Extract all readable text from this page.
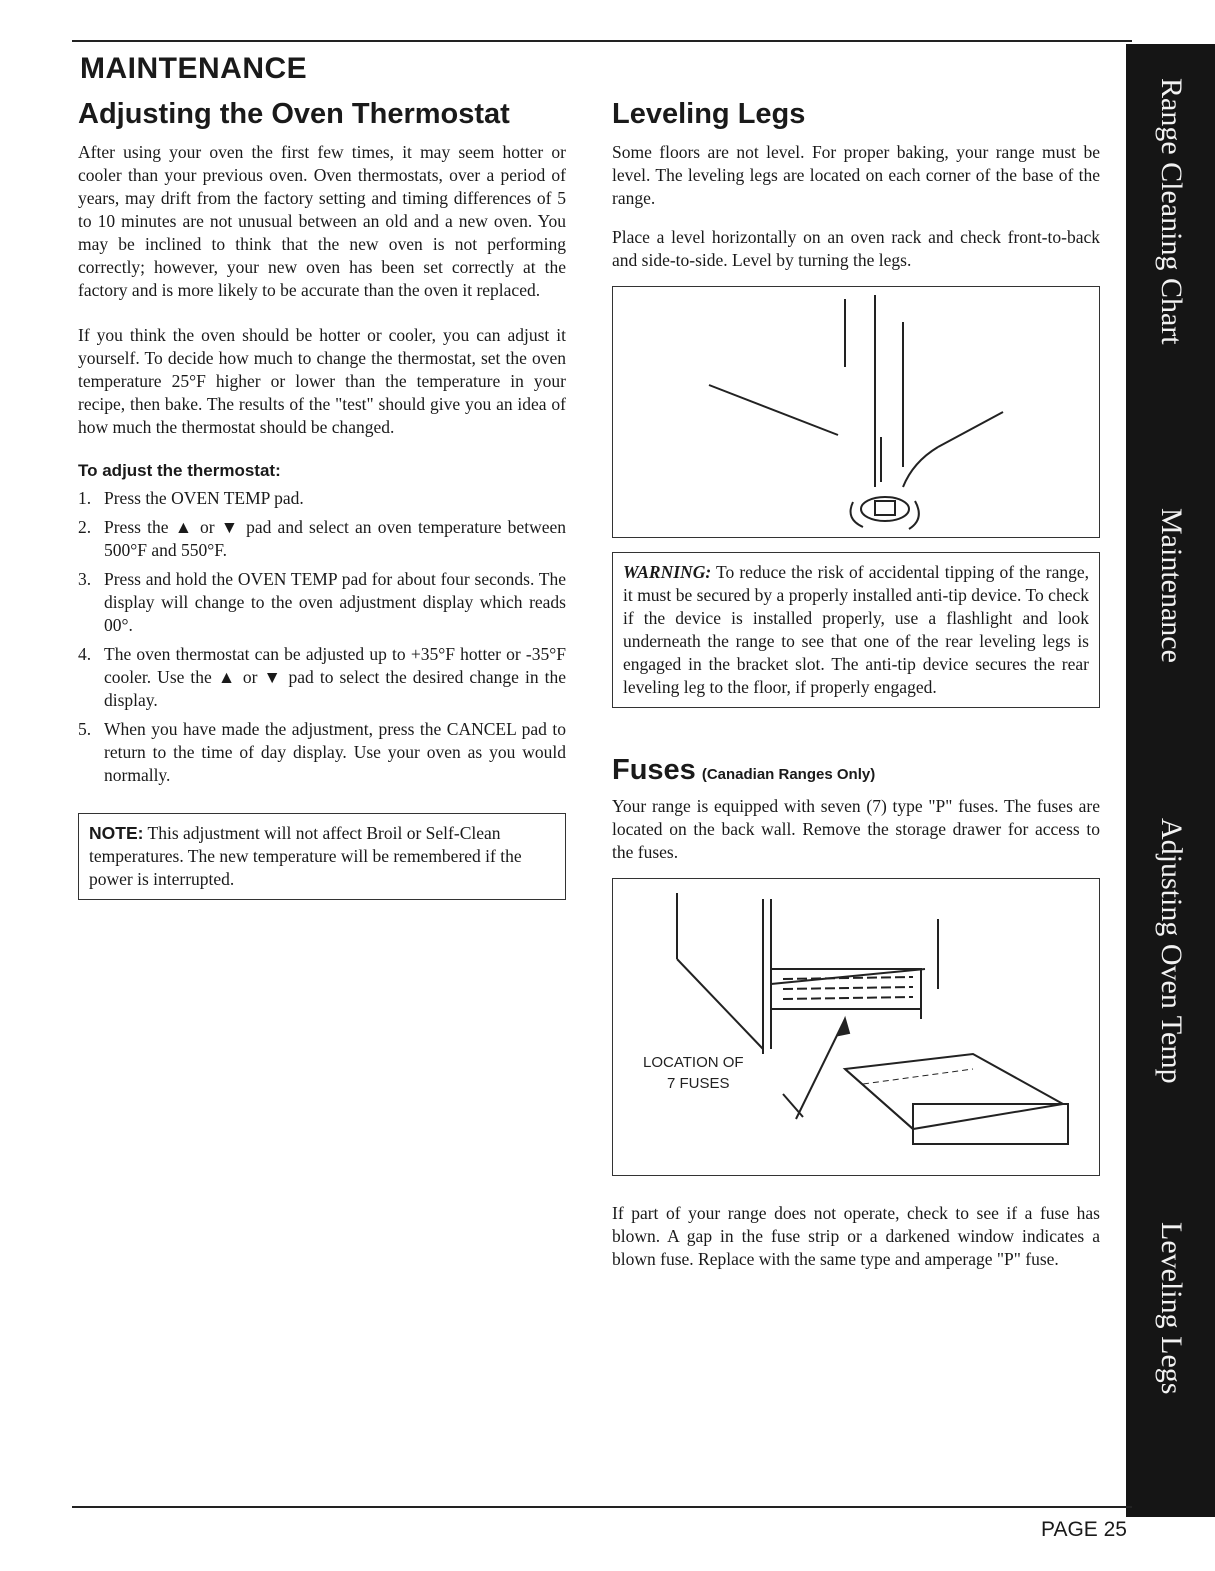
MAINTENANCE
Adjusting the Oven Thermostat

After using your oven the first few times, it may seem hotter or cooler than your previous oven. Oven thermostats, over a period of years, may drift from the factory setting and timing differences of 5 to 10 minutes are not unusual between an old and a new oven. You may be inclined to think that the new oven is not performing correctly; however, your new oven has been set correctly at the factory and is more likely to be accurate than the oven it replaced.

If you think the oven should be hotter or cooler, you can adjust it yourself. To decide how much to change the thermostat, set the oven temperature 25°F higher or lower than the temperature in your recipe, then bake. The results of the "test" should give you an idea of how much the thermostat should be changed.

To adjust the thermostat:
1. Press the OVEN TEMP pad.
2. Press the ▲ or ▼ pad and select an oven temperature between 500°F and 550°F.
3. Press and hold the OVEN TEMP pad for about four seconds. The display will change to the oven adjustment display which reads 00°.
4. The oven thermostat can be adjusted up to +35°F hotter or -35°F cooler. Use the ▲ or ▼ pad to select the desired change in the display.
5. When you have made the adjustment, press the CANCEL pad to return to the time of day display. Use your oven as you would normally.
NOTE: This adjustment will not affect Broil or Self-Clean temperatures. The new temperature will be remembered if the power is interrupted.
Leveling Legs

Some floors are not level. For proper baking, your range must be level. The leveling legs are located on each corner of the base of the range.

Place a level horizontally on an oven rack and check front-to-back and side-to-side. Level by turning the legs.

WARNING: To reduce the risk of accidental tipping of the range, it must be secured by a properly installed anti-tip device. To check if the device is installed properly, use a flashlight and look underneath the range to see that one of the rear leveling legs is engaged in the bracket slot. The anti-tip device secures the rear leveling leg to the floor, if properly engaged.
Fuses (Canadian Ranges Only)

Your range is equipped with seven (7) type "P" fuses. The fuses are located on the back wall. Remove the storage drawer for access to the fuses.

LOCATION OF
7 FUSES

If part of your range does not operate, check to see if a fuse has blown. A gap in the fuse strip or a darkened window indicates a blown fuse. Replace with the same type and amperage "P" fuse.

Range Cleaning Chart
Maintenance
Adjusting Oven Temp
Leveling Legs
PAGE 25
